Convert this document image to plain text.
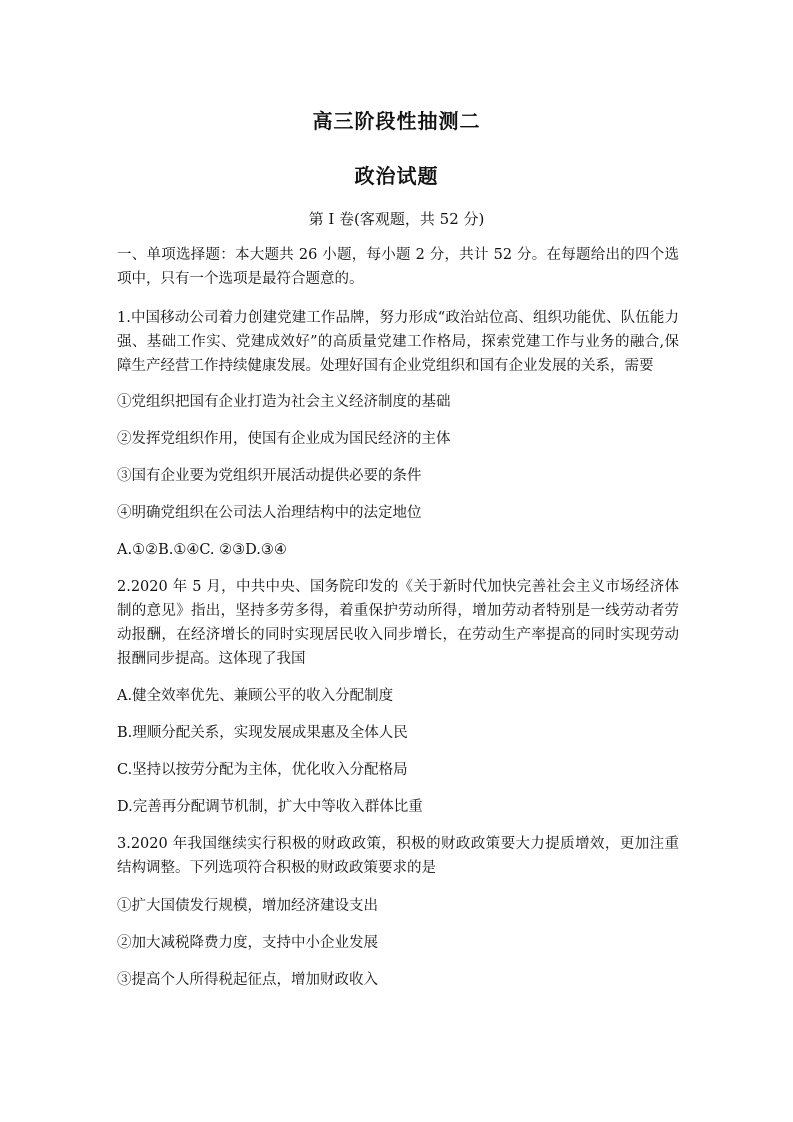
高三阶段性抽测二
政治试题
第 I 卷(客观题，共 52 分)
一、单项选择题：本大题共 26 小题，每小题 2 分，共计 52 分。在每题给出的四个选项中，只有一个选项是最符合题意的。
1.中国移动公司着力创建党建工作品牌，努力形成“政治站位高、组织功能优、队伍能力强、基础工作实、党建成效好”的高质量党建工作格局，探索党建工作与业务的融合,保障生产经营工作持续健康发展。处理好国有企业党组织和国有企业发展的关系，需要
①党组织把国有企业打造为社会主义经济制度的基础
②发挥党组织作用，使国有企业成为国民经济的主体
③国有企业要为党组织开展活动提供必要的条件
④明确党组织在公司法人治理结构中的法定地位
A.①②B.①④C. ②③D.③④
2.2020 年 5 月，中共中央、国务院印发的《关于新时代加快完善社会主义市场经济体制的意见》指出，坚持多劳多得，着重保护劳动所得，增加劳动者特别是一线劳动者劳动报酬，在经济增长的同时实现居民收入同步增长，在劳动生产率提高的同时实现劳动报酬同步提高。这体现了我国
A.健全效率优先、兼顾公平的收入分配制度
B.理顺分配关系，实现发展成果惠及全体人民
C.坚持以按劳分配为主体，优化收入分配格局
D.完善再分配调节机制，扩大中等收入群体比重
3.2020 年我国继续实行积极的财政政策，积极的财政政策要大力提质增效，更加注重结构调整。下列选项符合积极的财政政策要求的是
①扩大国债发行规模，增加经济建设支出
②加大减税降费力度，支持中小企业发展
③提高个人所得税起征点，增加财政收入
